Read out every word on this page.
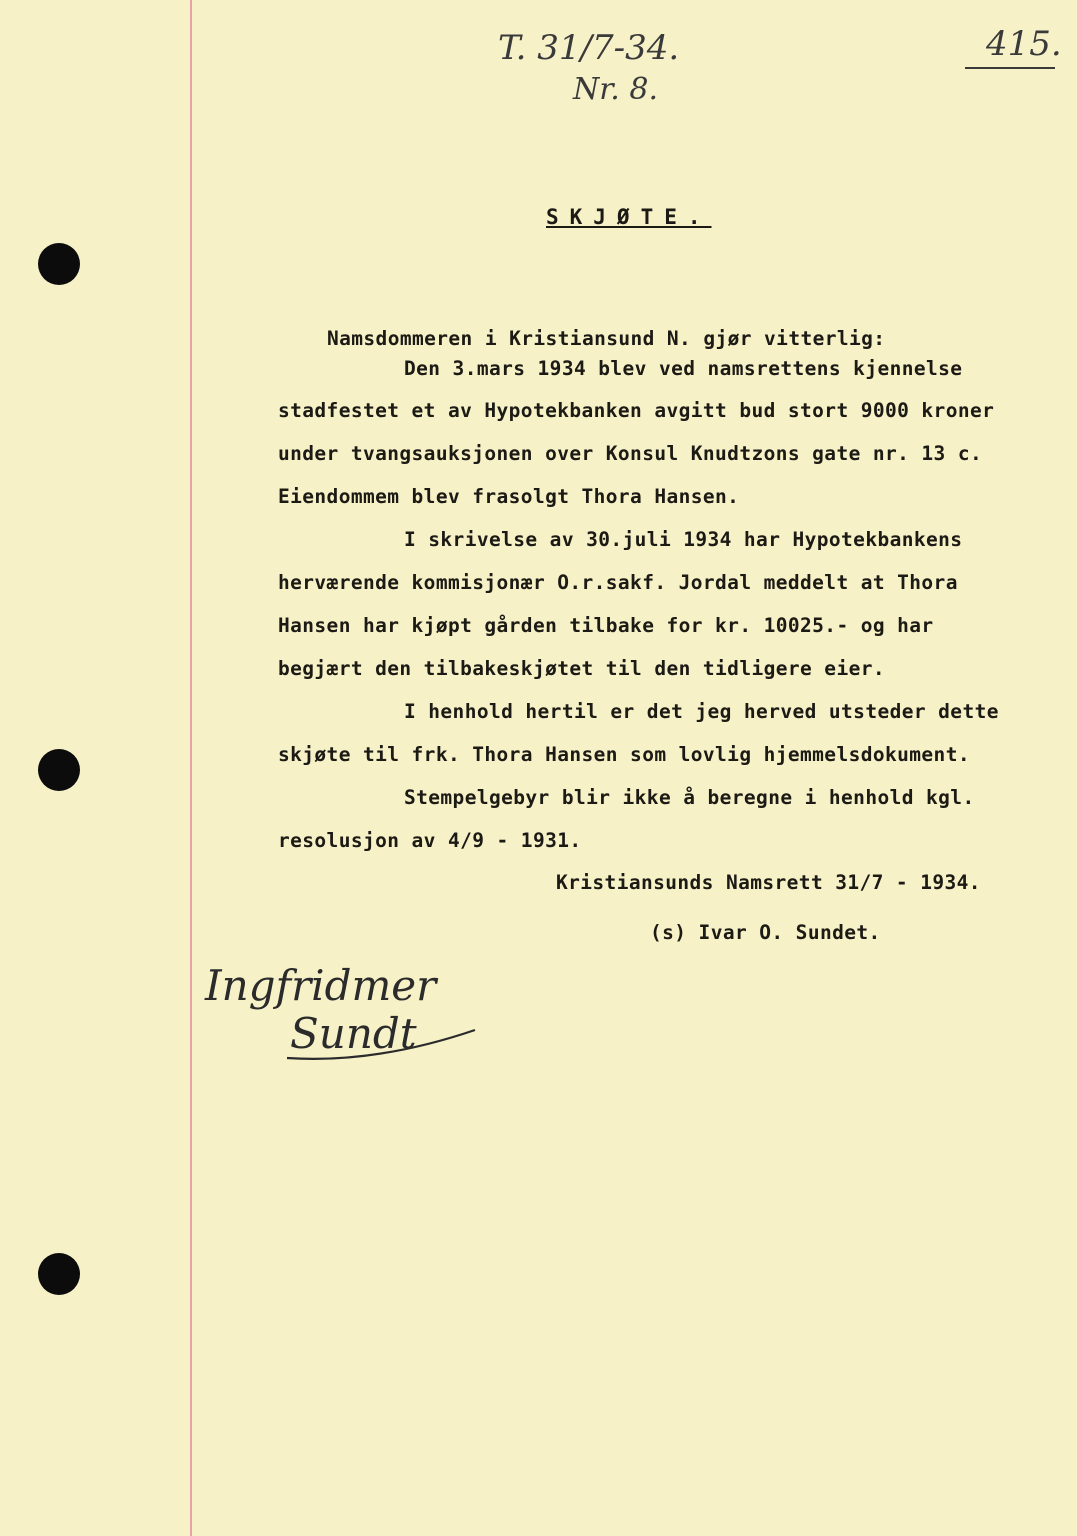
T. 31/7-34.
Nr. 8.
415.
SKJØTE.
Namsdommeren i Kristiansund N. gjør vitterlig:
Den 3.mars 1934 blev ved namsrettens kjennelse
stadfestet et av Hypotekbanken avgitt bud stort 9000 kroner
under tvangsauksjonen over Konsul Knudtzons gate nr. 13 c.
Eiendommem blev frasolgt Thora Hansen.
I skrivelse av 30.juli 1934 har Hypotekbankens
herværende kommisjonær O.r.sakf. Jordal meddelt at Thora
Hansen har kjøpt gården tilbake for kr. 10025.- og har
begjært den tilbakeskjøtet til den tidligere eier.
I henhold hertil er det jeg herved utsteder dette
skjøte til frk. Thora Hansen som lovlig hjemmelsdokument.
Stempelgebyr blir ikke å beregne i henhold kgl.
resolusjon av 4/9 - 1931.
Kristiansunds Namsrett 31/7 - 1934.
(s) Ivar O. Sundet.
Ingfridmer
Sundt
